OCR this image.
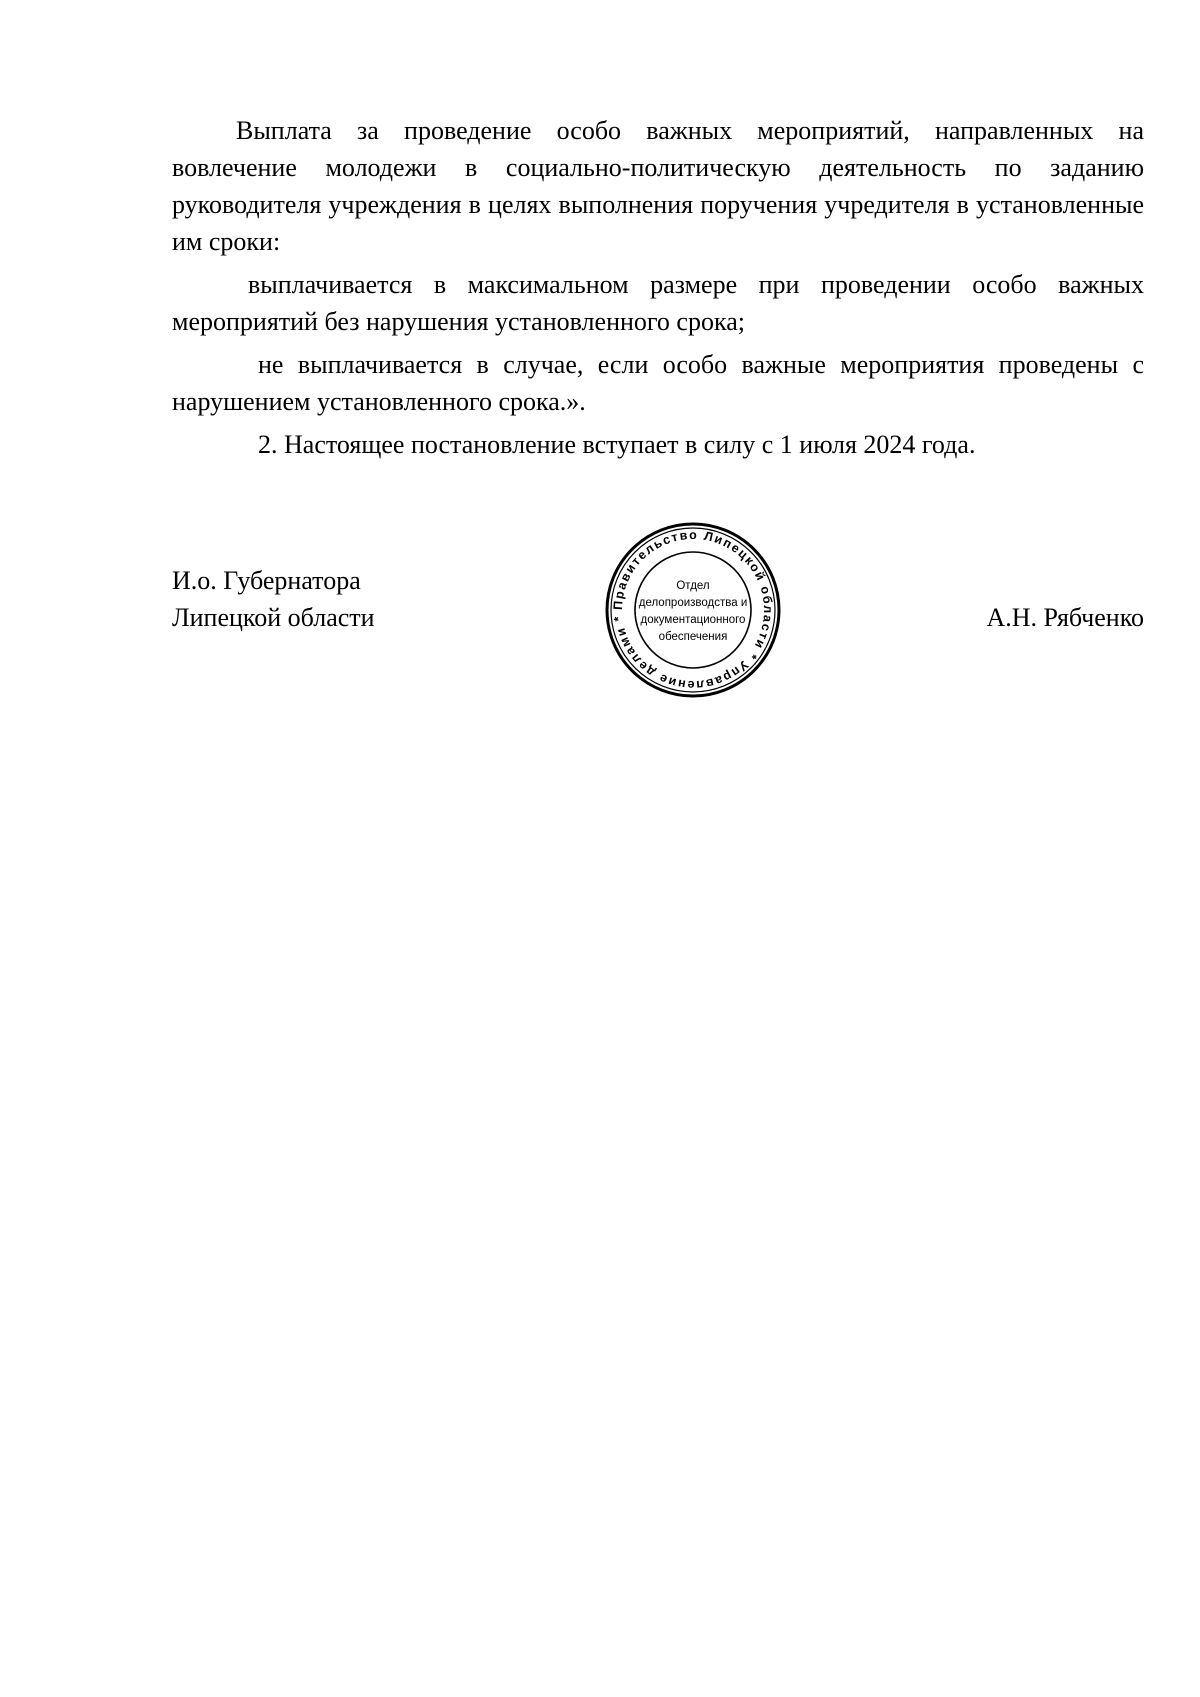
Выплата за проведение особо важных мероприятий, направленных на вовлечение молодежи в социально-политическую деятельность по заданию руководителя учреждения в целях выполнения поручения учредителя в установленные им сроки:

выплачивается в максимальном размере при проведении особо важных мероприятий без нарушения установленного срока;

не выплачивается в случае, если особо важные мероприятия проведены с нарушением установленного срока.».

2. Настоящее постановление вступает в силу с 1 июля 2024 года.

И.о. Губернатора
Липецкой области	Правительство Липецкой области * Управление делами *
Отдел
делопроизводства и
документационного
обеспечения
А.Н. Рябченко
